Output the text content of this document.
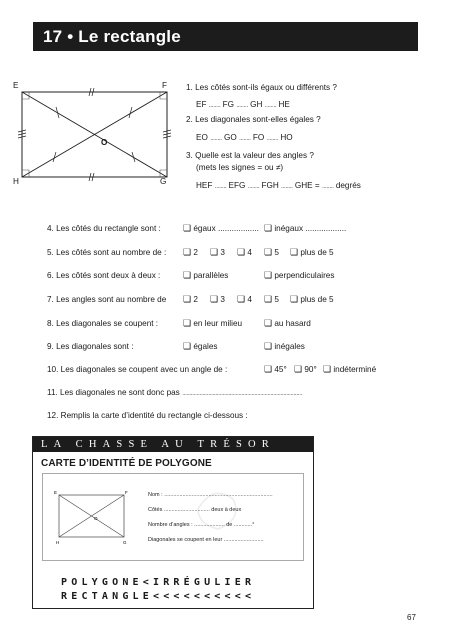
17 • Le rectangle
E	F
G
H
O
1. Les côtés sont-ils égaux ou différents ?
EF ........ FG ........ GH ........ HE
2. Les diagonales sont-elles égales ?
EO ........ GO ........ FO ........ HO
3. Quelle est la valeur des angles ?
(mets les signes = ou ≠)
HEF ........ EFG ........ FGH ........ GHE = ........ degrés
4. Les côtés du rectangle sont : ❏ égaux .................. ❏ inégaux ..................
5. Les côtés sont au nombre de : ❏ 2 ❏ 3 ❏ 4 ❏ 5 ❏ plus de 5
6. Les côtés sont deux à deux :	❏ parallèles	❏ perpendiculaires
7. Les angles sont au nombre de ❏ 2 ❏ 3 ❏ 4 ❏ 5 ❏ plus de 5
8. Les diagonales se coupent :	❏ en leur milieu ❏ au hasard
9. Les diagonales sont :	❏ égales	❏ inégales
10. Les diagonales se coupent avec un angle de :	❏ 45° ❏ 90° ❏ indéterminé
11. Les diagonales ne sont donc pas ...................................................................................
12. Remplis la carte d’identité du rectangle ci-dessous :
LA CHASSE AU TRÉSOR
CARTE D’IDENTITÉ DE POLYGONE
E	F
G
H
O
Nom : .......................................................................
Côtés .............................. deux à deux
Nombre d’angles : .................... de ............°
Diagonales se coupent en leur ..........................
POLYGONE<IRRÉGULIER
RECTANGLE<<<<<<<<<<
67
